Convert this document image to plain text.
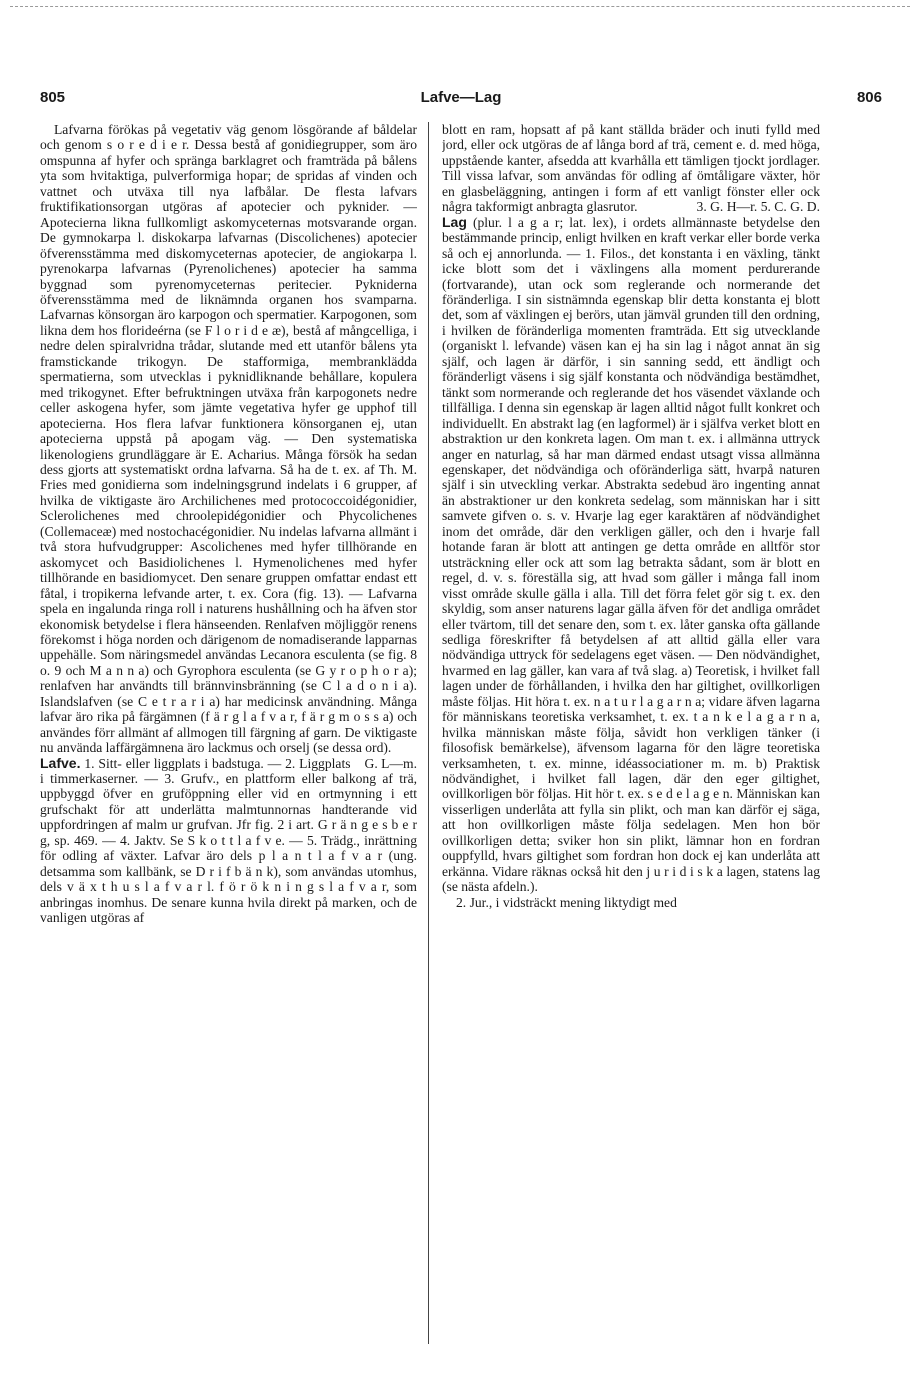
805	Lafve—Lag	806

Lafvarna förökas på vegetativ väg genom lösgörande af båldelar och genom s o r e d i e r. Dessa bestå af gonidiegrupper, som äro omspunna af hyfer och spränga barklagret och framträda på bålens yta som hvitaktiga, pulverformiga hopar; de spridas af vinden och vattnet och utväxa till nya lafbålar. De flesta lafvars fruktifikationsorgan utgöras af apotecier och pyknider. — Apotecierna likna fullkomligt askomyceternas motsvarande organ. De gymnokarpa l. diskokarpa lafvarnas (Discolichenes) apotecier öfverensstämma med diskomyceternas apotecier, de angiokarpa l. pyrenokarpa lafvarnas (Pyrenolichenes) apotecier ha samma byggnad som pyrenomyceternas peritecier. Pykniderna öfverensstämma med de liknämnda organen hos svamparna. Lafvarnas könsorgan äro karpogon och spermatier. Karpogonen, som likna dem hos florideérna (se F l o r i d e æ), bestå af mångcelliga, i nedre delen spiralvridna trådar, slutande med ett utanför bålens yta framstickande trikogyn. De stafformiga, membranklädda spermatierna, som utvecklas i pyknidliknande behållare, kopulera med trikogynet. Efter befruktningen utväxa från karpogonets nedre celler askogena hyfer, som jämte vegetativa hyfer ge upphof till apotecierna. Hos flera lafvar funktionera könsorganen ej, utan apotecierna uppstå på apogam väg. — Den systematiska likenologiens grundläggare är E. Acharius. Många försök ha sedan dess gjorts att systematiskt ordna lafvarna. Så ha de t. ex. af Th. M. Fries med gonidierna som indelningsgrund indelats i 6 grupper, af hvilka de viktigaste äro Archilichenes med protococcoidégonidier, Sclerolichenes med chroolepidégonidier och Phycolichenes (Collemaceæ) med nostochacégonidier. Nu indelas lafvarna allmänt i två stora hufvudgrupper: Ascolichenes med hyfer tillhörande en askomycet och Basidiolichenes l. Hymenolichenes med hyfer tillhörande en basidiomycet. Den senare gruppen omfattar endast ett fåtal, i tropikerna lefvande arter, t. ex. Cora (fig. 13). — Lafvarna spela en ingalunda ringa roll i naturens hushållning och ha äfven stor ekonomisk betydelse i flera hänseenden. Renlafven möjliggör renens förekomst i höga norden och därigenom de nomadiserande lapparnas uppehälle. Som näringsmedel användas Lecanora esculenta (se fig. 8 o. 9 och M a n n a) och Gyrophora esculenta (se G y r o p h o r a); renlafven har användts till brännvinsbränning (se C l a d o n i a). Islandslafven (se C e t r a r i a) har medicinsk användning. Många lafvar äro rika på färgämnen (f ä r g l a f v a r, f ä r g m o s s a) och användes förr allmänt af allmogen till färgning af garn. De viktigaste nu använda laffärgämnena äro lackmus och orselj (se dessa ord).
G. L—m.

Lafve. 1. Sitt- eller liggplats i badstuga. — 2. Liggplats i timmerkaserner. — 3. Grufv., en plattform eller balkong af trä, uppbyggd öfver en gruföppning eller vid en ortmynning i ett grufschakt för att underlätta malmtunnornas handterande vid uppfordringen af malm ur grufvan. Jfr fig. 2 i art. G r ä n g e s b e r g, sp. 469. — 4. Jaktv. Se S k o t t l a f v e. — 5. Trädg., inrättning för odling af växter. Lafvar äro dels p l a n t l a f v a r (ung. detsamma som kallbänk, se D r i f b ä n k), som användas utomhus, dels v ä x t h u s l a f v a r l. f ö r ö k n i n g s l a f v a r, som anbringas inomhus. De senare kunna hvila direkt på marken, och de vanligen utgöras af

blott en ram, hopsatt af på kant ställda bräder och inuti fylld med jord, eller ock utgöras de af långa bord af trä, cement e. d. med höga, uppstående kanter, afsedda att kvarhålla ett tämligen tjockt jordlager. Till vissa lafvar, som användas för odling af ömtåligare växter, hör en glasbeläggning, antingen i form af ett vanligt fönster eller ock några takformigt anbragta glasrutor.	3. G. H—r. 5. C. G. D.

Lag (plur. l a g a r; lat. lex), i ordets allmännaste betydelse den bestämmande princip, enligt hvilken en kraft verkar eller borde verka så och ej annorlunda. — 1. Filos., det konstanta i en växling, tänkt icke blott som det i växlingens alla moment perdurerande (fortvarande), utan ock som reglerande och normerande det föränderliga. I sin sistnämnda egenskap blir detta konstanta ej blott det, som af växlingen ej berörs, utan jämväl grunden till den ordning, i hvilken de föränderliga momenten framträda. Ett sig utvecklande (organiskt l. lefvande) väsen kan ej ha sin lag i något annat än sig själf, och lagen är därför, i sin sanning sedd, ett ändligt och föränderligt väsens i sig själf konstanta och nödvändiga bestämdhet, tänkt som normerande och reglerande det hos väsendet växlande och tillfälliga. I denna sin egenskap är lagen alltid något fullt konkret och individuellt. En abstrakt lag (en lagformel) är i själfva verket blott en abstraktion ur den konkreta lagen. Om man t. ex. i allmänna uttryck anger en naturlag, så har man därmed endast utsagt vissa allmänna egenskaper, det nödvändiga och oföränderliga sätt, hvarpå naturen själf i sin utveckling verkar. Abstrakta sedebud äro ingenting annat än abstraktioner ur den konkreta sedelag, som människan har i sitt samvete gifven o. s. v. Hvarje lag eger karaktären af nödvändighet inom det område, där den verkligen gäller, och den i hvarje fall hotande faran är blott att antingen ge detta område en alltför stor utsträckning eller ock att som lag betrakta sådant, som är blott en regel, d. v. s. föreställa sig, att hvad som gäller i många fall inom visst område skulle gälla i alla. Till det förra felet gör sig t. ex. den skyldig, som anser naturens lagar gälla äfven för det andliga området eller tvärtom, till det senare den, som t. ex. låter ganska ofta gällande sedliga föreskrifter få betydelsen af att alltid gälla eller vara nödvändiga uttryck för sedelagens eget väsen. — Den nödvändighet, hvarmed en lag gäller, kan vara af två slag. a) Teoretisk, i hvilket fall lagen under de förhållanden, i hvilka den har giltighet, ovillkorligen måste följas. Hit höra t. ex. n a t u r l a g a r n a; vidare äfven lagarna för människans teoretiska verksamhet, t. ex. t a n k e l a g a r n a, hvilka människan måste följa, såvidt hon verkligen tänker (i filosofisk bemärkelse), äfvensom lagarna för den lägre teoretiska verksamheten, t. ex. minne, idéassociationer m. m. b) Praktisk nödvändighet, i hvilket fall lagen, där den eger giltighet, ovillkorligen bör följas. Hit hör t. ex. s e d e l a g e n. Människan kan visserligen underlåta att fylla sin plikt, och man kan därför ej säga, att hon ovillkorligen måste följa sedelagen. Men hon bör ovillkorligen detta; sviker hon sin plikt, lämnar hon en fordran ouppfylld, hvars giltighet som fordran hon dock ej kan underlåta att erkänna. Vidare räknas också hit den j u r i d i s k a lagen, statens lag (se nästa afdeln.).

2. Jur., i vidsträckt mening liktydigt med
